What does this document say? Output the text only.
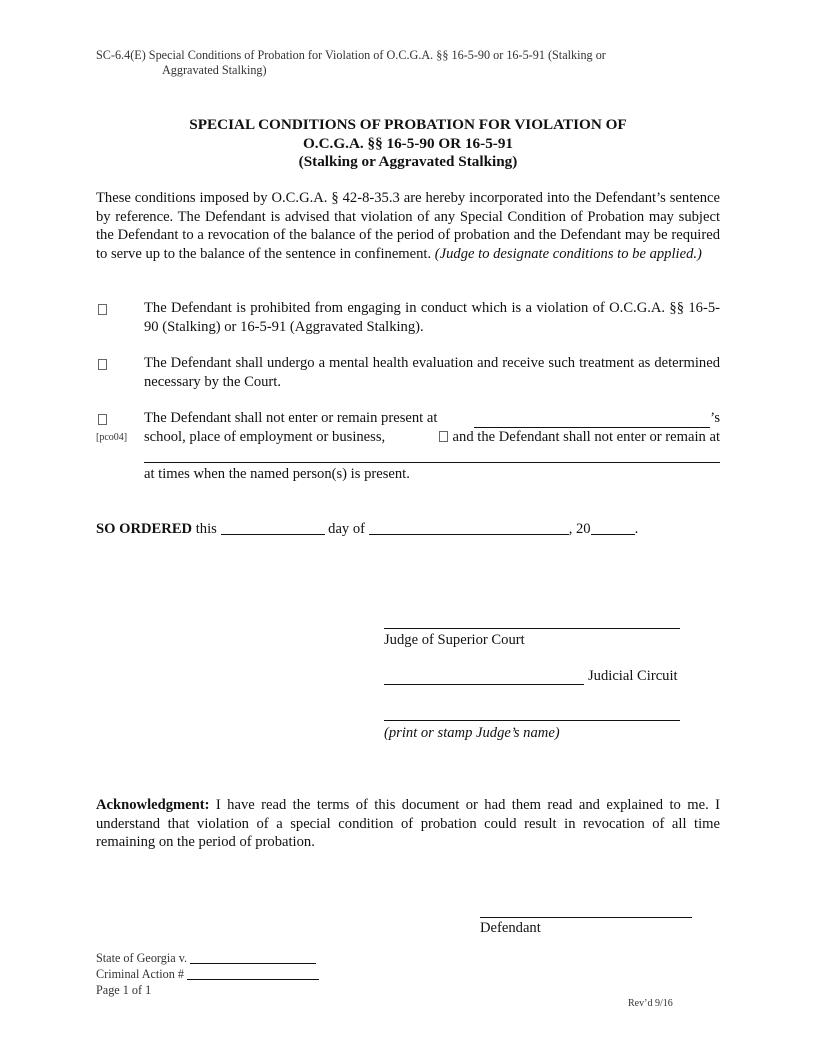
SC-6.4(E) Special Conditions of Probation for Violation of O.C.G.A. §§ 16-5-90 or 16-5-91 (Stalking or
Aggravated Stalking)
SPECIAL CONDITIONS OF PROBATION FOR VIOLATION OF
O.C.G.A. §§ 16-5-90 OR 16-5-91
(Stalking or Aggravated Stalking)
These conditions imposed by O.C.G.A. § 42-8-35.3 are hereby incorporated into the Defendant’s sentence by reference. The Defendant is advised that violation of any Special Condition of Probation may subject the Defendant to a revocation of the balance of the period of probation and the Defendant may be required to serve up to the balance of the sentence in confinement. (Judge to designate conditions to be applied.)
The Defendant is prohibited from engaging in conduct which is a violation of O.C.G.A. §§ 16-5-90 (Stalking) or 16-5-91 (Aggravated Stalking).
The Defendant shall undergo a mental health evaluation and receive such treatment as determined necessary by the Court.
[pco04]
The Defendant shall not enter or remain present at	’s
school, place of employment or business,	and the Defendant shall not enter or remain at
at times when the named person(s) is present.
SO ORDERED this	day of	, 20	.
Judge of Superior Court
Judicial Circuit
(print or stamp Judge’s name)
Acknowledgment: I have read the terms of this document or had them read and explained to me. I understand that violation of a special condition of probation could result in revocation of all time remaining on the period of probation.
Defendant
State of Georgia v.
Criminal Action #
Page 1 of 1
Rev’d 9/16
